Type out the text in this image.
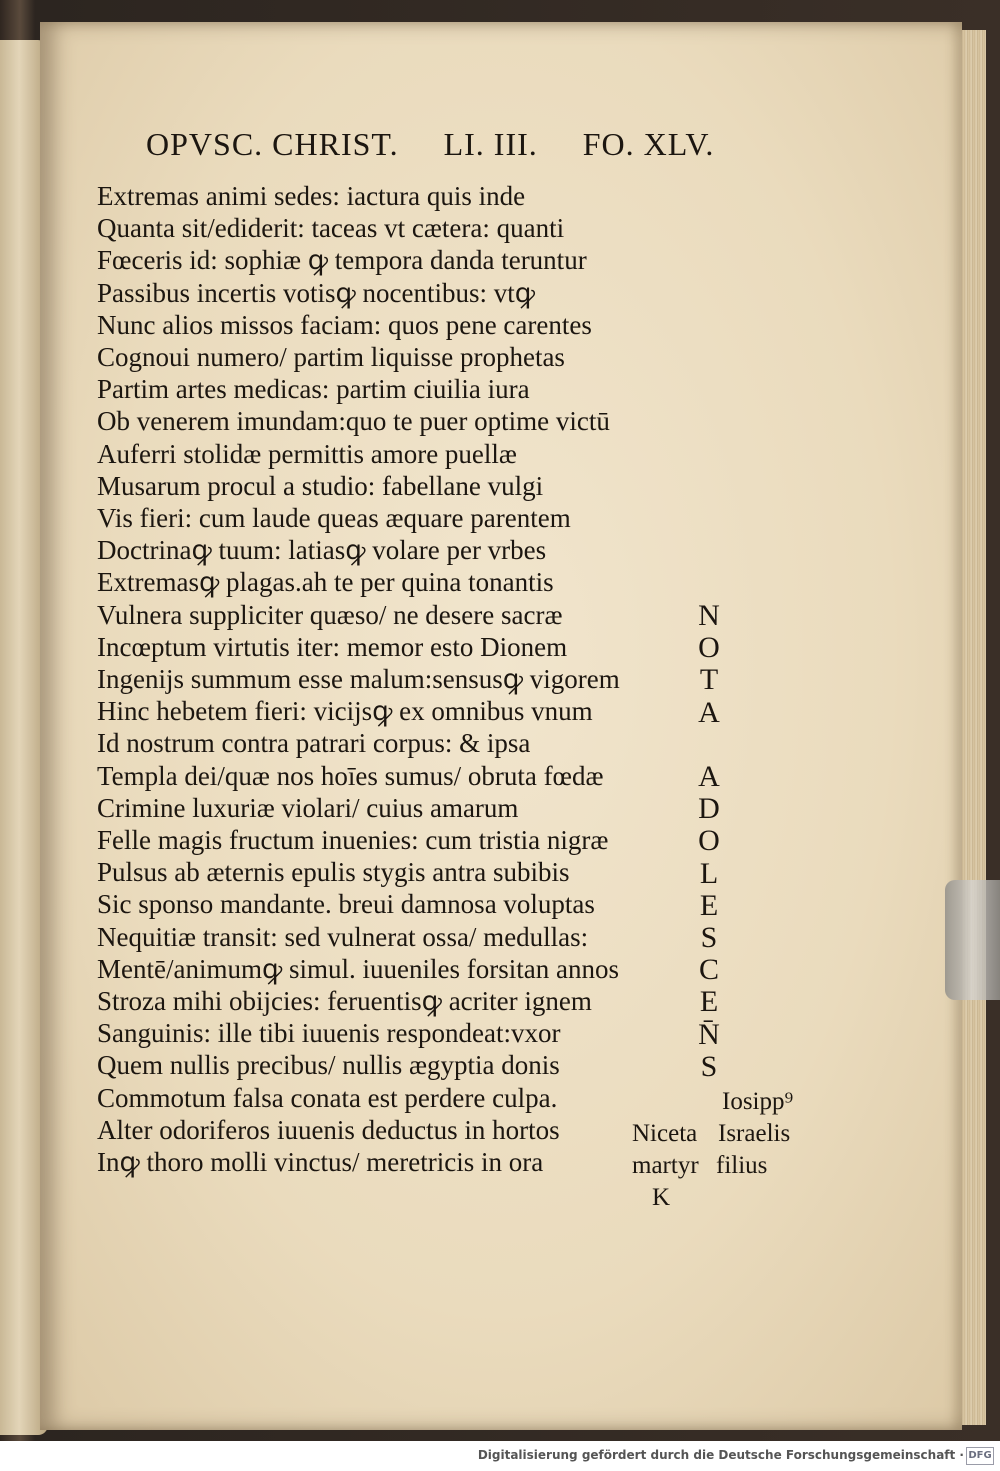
OPVSC. CHRIST. LI. III. FO. XLV.
Extremas animi sedes: iactura quis inde
Quanta sit/ediderit: taceas vt cætera: quanti
Fœceris id: sophiæ ꝙ tempora danda teruntur
Passibus incertis votisꝙ nocentibus: vtꝙ
Nunc alios missos faciam: quos pene carentes
Cognoui numero/ partim liquisse prophetas
Partim artes medicas: partim ciuilia iura
Ob venerem imundam:quo te puer optime victū
Auferri stolidæ permittis amore puellæ
Musarum procul a studio: fabellane vulgi
Vis fieri: cum laude queas æquare parentem
Doctrinaꝙ tuum: latiasꝙ volare per vrbes
Extremasꝙ plagas.ah te per quina tonantis
Vulnera suppliciter quæso/ ne desere sacræ
Incœptum virtutis iter: memor esto Dionem
Ingenijs summum esse malum:sensusꝙ vigorem
Hinc hebetem fieri: vicijsꝙ ex omnibus vnum
Id nostrum contra patrari corpus: & ipsa
Templa dei/quæ nos hoīes sumus/ obruta fœdæ
Crimine luxuriæ violari/ cuius amarum
Felle magis fructum inuenies: cum tristia nigræ
Pulsus ab æternis epulis stygis antra subibis
Sic sponso mandante. breui damnosa voluptas
Nequitiæ transit: sed vulnerat ossa/ medullas:
Mentē/animumꝙ simul. iuueniles forsitan annos
Stroza mihi obijcies: feruentisꝙ acriter ignem
Sanguinis: ille tibi iuuenis respondeat:vxor
Quem nullis precibus/ nullis ægyptia donis
Commotum falsa conata est perdere culpa.
Alter odoriferos iuuenis deductus in hortos
Inꝙ thoro molli vinctus/ meretricis in ora
N
O
T
A
A
D
O
L
E
S
C
E
N̄
S
Iosipp⁹
Niceta Israelis
martyr filius
K
Digitalisierung gefördert durch die Deutsche Forschungsgemeinschaft · DFG
